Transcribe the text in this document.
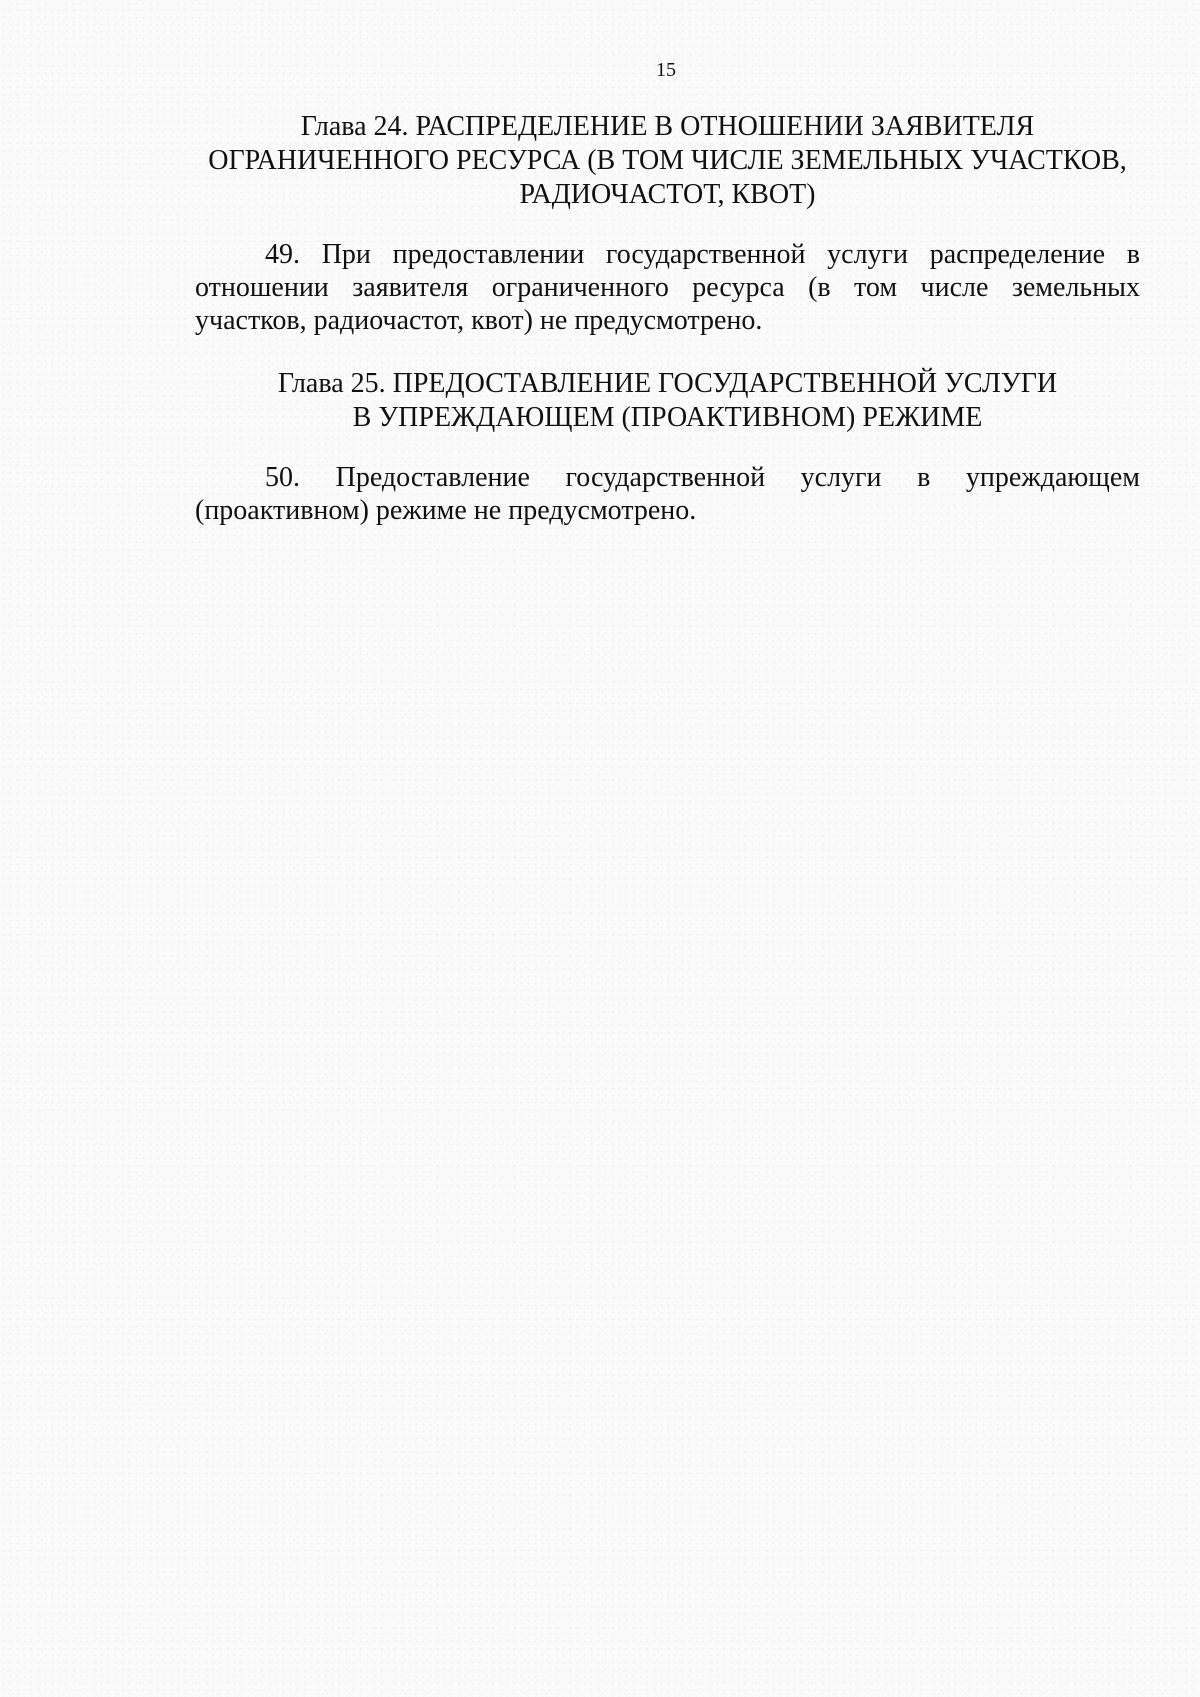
15
Глава 24. РАСПРЕДЕЛЕНИЕ В ОТНОШЕНИИ ЗАЯВИТЕЛЯ
ОГРАНИЧЕННОГО РЕСУРСА (В ТОМ ЧИСЛЕ ЗЕМЕЛЬНЫХ УЧАСТКОВ,
РАДИОЧАСТОТ, КВОТ)

49. При предоставлении государственной услуги распределение в отношении заявителя ограниченного ресурса (в том числе земельных участков, радиочастот, квот) не предусмотрено.

Глава 25. ПРЕДОСТАВЛЕНИЕ ГОСУДАРСТВЕННОЙ УСЛУГИ
В УПРЕЖДАЮЩЕМ (ПРОАКТИВНОМ) РЕЖИМЕ

50. Предоставление государственной услуги в упреждающем (проактивном) режиме не предусмотрено.
